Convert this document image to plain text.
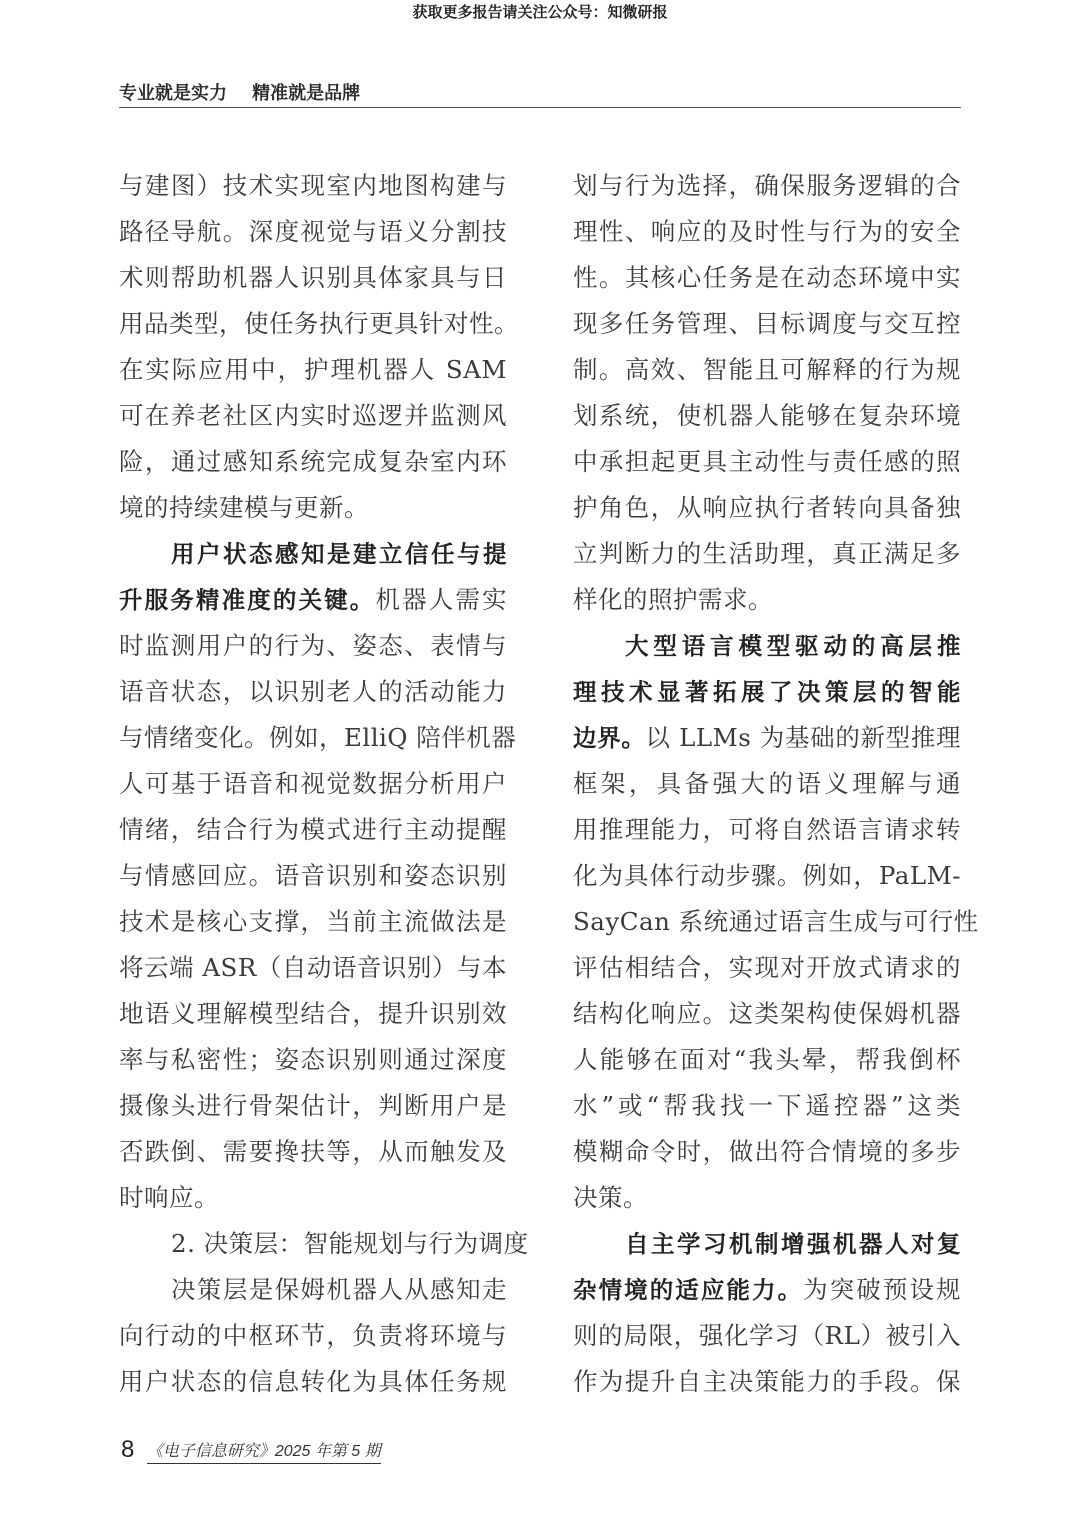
获取更多报告请关注公众号：知微研报
专业就是实力    精准就是品牌
与建图）技术实现室内地图构建与
路径导航。深度视觉与语义分割技
术则帮助机器人识别具体家具与日
用品类型，使任务执行更具针对性。
在实际应用中，护理机器人 SAM
可在养老社区内实时巡逻并监测风
险，通过感知系统完成复杂室内环
境的持续建模与更新。
用户状态感知是建立信任与提
升服务精准度的关键。机器人需实
时监测用户的行为、姿态、表情与
语音状态，以识别老人的活动能力
与情绪变化。例如，ElliQ 陪伴机器
人可基于语音和视觉数据分析用户
情绪，结合行为模式进行主动提醒
与情感回应。语音识别和姿态识别
技术是核心支撑，当前主流做法是
将云端 ASR（自动语音识别）与本
地语义理解模型结合，提升识别效
率与私密性；姿态识别则通过深度
摄像头进行骨架估计，判断用户是
否跌倒、需要搀扶等，从而触发及
时响应。
2. 决策层：智能规划与行为调度
决策层是保姆机器人从感知走
向行动的中枢环节，负责将环境与
用户状态的信息转化为具体任务规
划与行为选择，确保服务逻辑的合
理性、响应的及时性与行为的安全
性。其核心任务是在动态环境中实
现多任务管理、目标调度与交互控
制。高效、智能且可解释的行为规
划系统，使机器人能够在复杂环境
中承担起更具主动性与责任感的照
护角色，从响应执行者转向具备独
立判断力的生活助理，真正满足多
样化的照护需求。
大型语言模型驱动的高层推
理技术显著拓展了决策层的智能
边界。以 LLMs 为基础的新型推理
框架，具备强大的语义理解与通
用推理能力，可将自然语言请求转
化为具体行动步骤。例如，PaLM-
SayCan 系统通过语言生成与可行性
评估相结合，实现对开放式请求的
结构化响应。这类架构使保姆机器
人能够在面对“我头晕，帮我倒杯
水”或“帮我找一下遥控器”这类
模糊命令时，做出符合情境的多步
决策。
自主学习机制增强机器人对复
杂情境的适应能力。为突破预设规
则的局限，强化学习（RL）被引入
作为提升自主决策能力的手段。保
8 《电子信息研究》2025 年第 5 期
